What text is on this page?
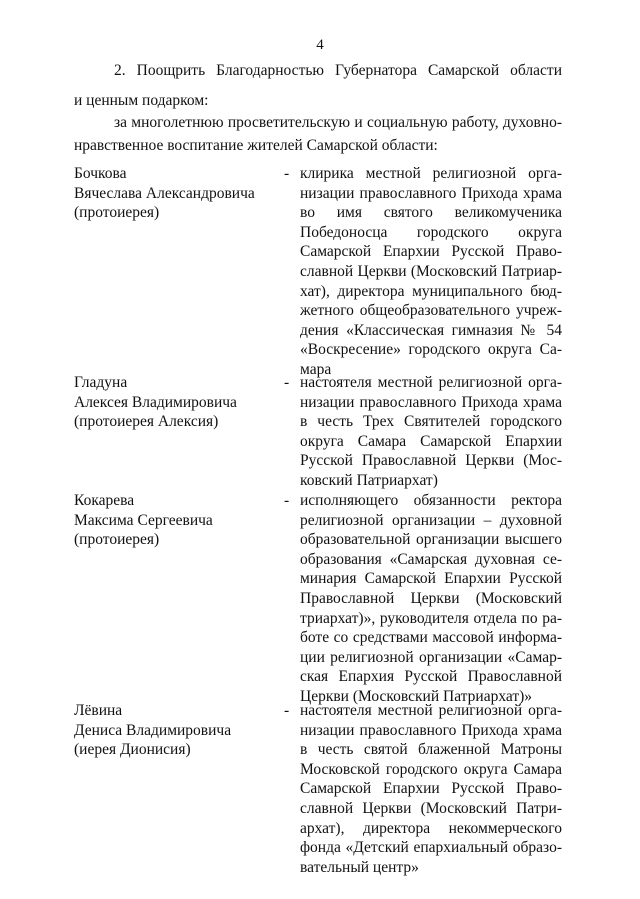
4
2. Поощрить Благодарностью Губернатора Самарской области
и ценным подарком:
за многолетнюю просветительскую и социальную работу, духовно-
нравственное воспитание жителей Самарской области:
Бочкова
Вячеслава Александровича
(протоиерея)
- клирика местной религиозной орга-
низации православного Прихода храма
во имя святого великомученика
Победоносца городского округа
Самарской Епархии Русской Право-
славной Церкви (Московский Патриар-
хат), директора муниципального бюд-
жетного общеобразовательного учреж-
дения «Классическая гимназия № 54
«Воскресение» городского округа Са-
мара
Гладуна
Алексея Владимировича
(протоиерея Алексия)
- настоятеля местной религиозной орга-
низации православного Прихода храма
в честь Трех Святителей городского
округа Самара Самарской Епархии
Русской Православной Церкви (Мос-
ковский Патриархат)
Кокарева
Максима Сергеевича
(протоиерея)
- исполняющего обязанности ректора
религиозной организации – духовной
образовательной организации высшего
образования «Самарская духовная се-
минария Самарской Епархии Русской
Православной Церкви (Московский
триархат)», руководителя отдела по ра-
боте со средствами массовой информа-
ции религиозной организации «Самар-
ская Епархия Русской Православной
Церкви (Московский Патриархат)»
Лёвина
Дениса Владимировича
(иерея Дионисия)
- настоятеля местной религиозной орга-
низации православного Прихода храма
в честь святой блаженной Матроны
Московской городского округа Самара
Самарской Епархии Русской Право-
славной Церкви (Московский Патри-
архат), директора некоммерческого
фонда «Детский епархиальный образо-
вательный центр»
